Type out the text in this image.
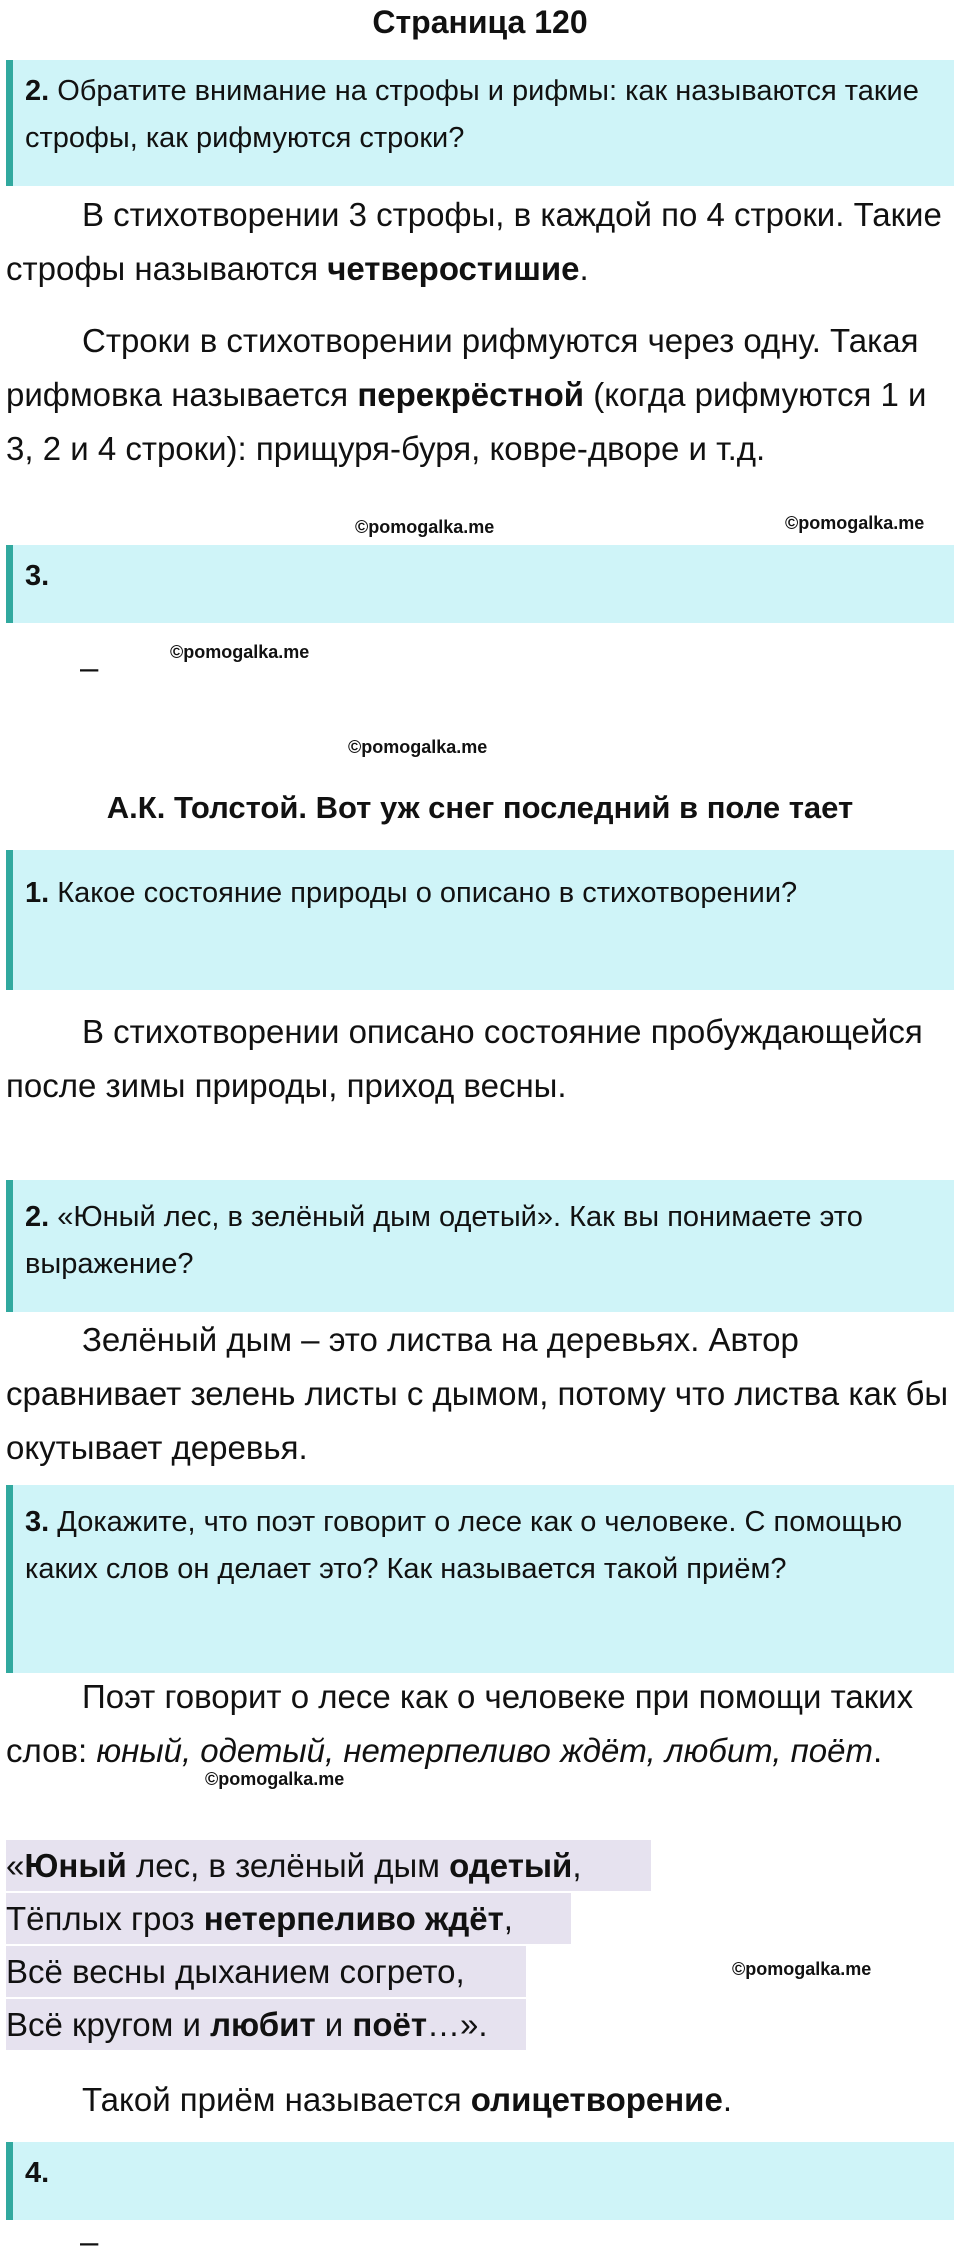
Страница 120
2. Обратите внимание на строфы и рифмы: как называются такие строфы, как рифмуются строки?
В стихотворении 3 строфы, в каждой по 4 строки. Такие строфы называются четверостишие.
Строки в стихотворении рифмуются через одну. Такая рифмовка называется перекрёстной (когда рифмуются 1 и 3, 2 и 4 строки): прищуря-буря, ковре-дворе и т.д.
©pomogalka.me	©pomogalka.me
3.
–	©pomogalka.me
©pomogalka.me
А.К. Толстой. Вот уж снег последний в поле тает
1. Какое состояние природы о описано в стихотворении?
В стихотворении описано состояние пробуждающейся после зимы природы, приход весны.
2. «Юный лес, в зелёный дым одетый». Как вы понимаете это выражение?
Зелёный дым – это листва на деревьях. Автор сравнивает зелень листы с дымом, потому что листва как бы окутывает деревья.
3. Докажите, что поэт говорит о лесе как о человеке. С помощью каких слов он делает это? Как называется такой приём?
Поэт говорит о лесе как о человеке при помощи таких слов: юный, одетый, нетерпеливо ждёт, любит, поёт.
©pomogalka.me
«Юный лес, в зелёный дым одетый,
Тёплых гроз нетерпеливо ждёт,
Всё весны дыханием согрето,
Всё кругом и любит и поёт…».
©pomogalka.me
Такой приём называется олицетворение.
4.
–
